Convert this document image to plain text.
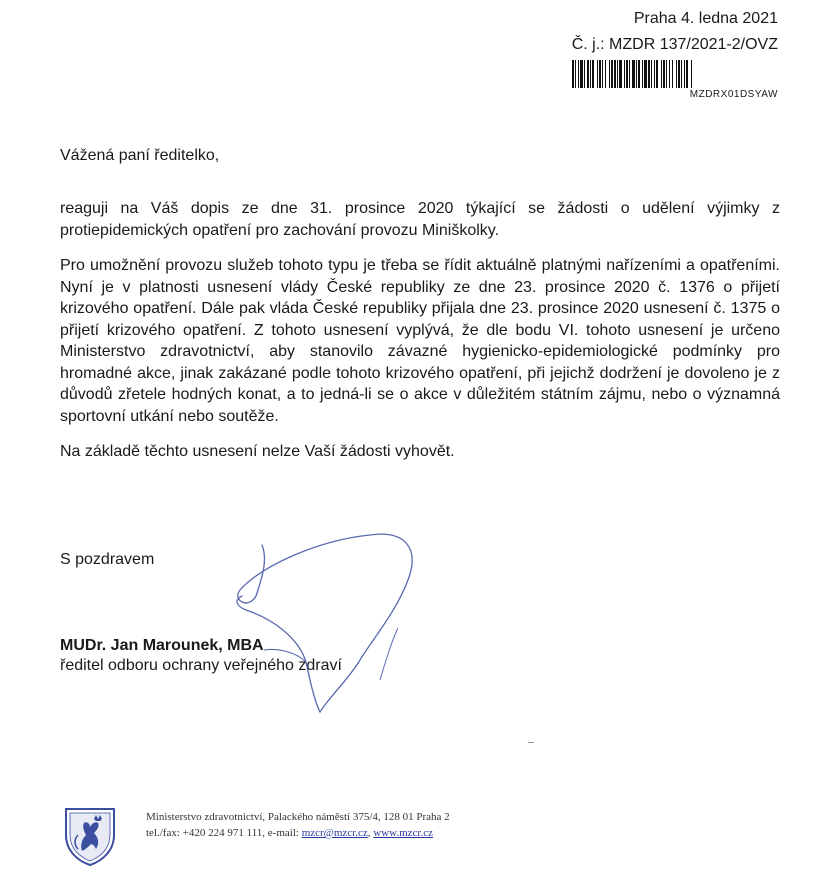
Praha 4. ledna 2021
Č. j.: MZDR 137/2021-2/OVZ
MZDRX01DSYAW
Vážená paní ředitelko,

reaguji na Váš dopis ze dne 31. prosince 2020 týkající se žádosti o udělení výjimky z protiepidemických opatření pro zachování provozu Miniškolky.

Pro umožnění provozu služeb tohoto typu je třeba se řídit aktuálně platnými nařízeními a opatřeními. Nyní je v platnosti usnesení vlády České republiky ze dne 23. prosince 2020 č. 1376 o přijetí krizového opatření. Dále pak vláda České republiky přijala dne 23. prosince 2020 usnesení č. 1375 o přijetí krizového opatření. Z tohoto usnesení vyplývá, že dle bodu VI. tohoto usnesení je určeno Ministerstvo zdravotnictví, aby stanovilo závazné hygienicko-epidemiologické podmínky pro hromadné akce, jinak zakázané podle tohoto krizového opatření, při jejichž dodržení je dovoleno je z důvodů zřetele hodných konat, a to jedná-li se o akce v důležitém státním zájmu, nebo o významná sportovní utkání nebo soutěže.

Na základě těchto usnesení nelze Vaší žádosti vyhovět.

S pozdravem
MUDr. Jan Marounek, MBA
ředitel odboru ochrany veřejného zdraví
Ministerstvo zdravotnictví, Palackého náměstí 375/4, 128 01 Praha 2
tel./fax: +420 224 971 111, e-mail: mzcr@mzcr.cz, www.mzcr.cz
